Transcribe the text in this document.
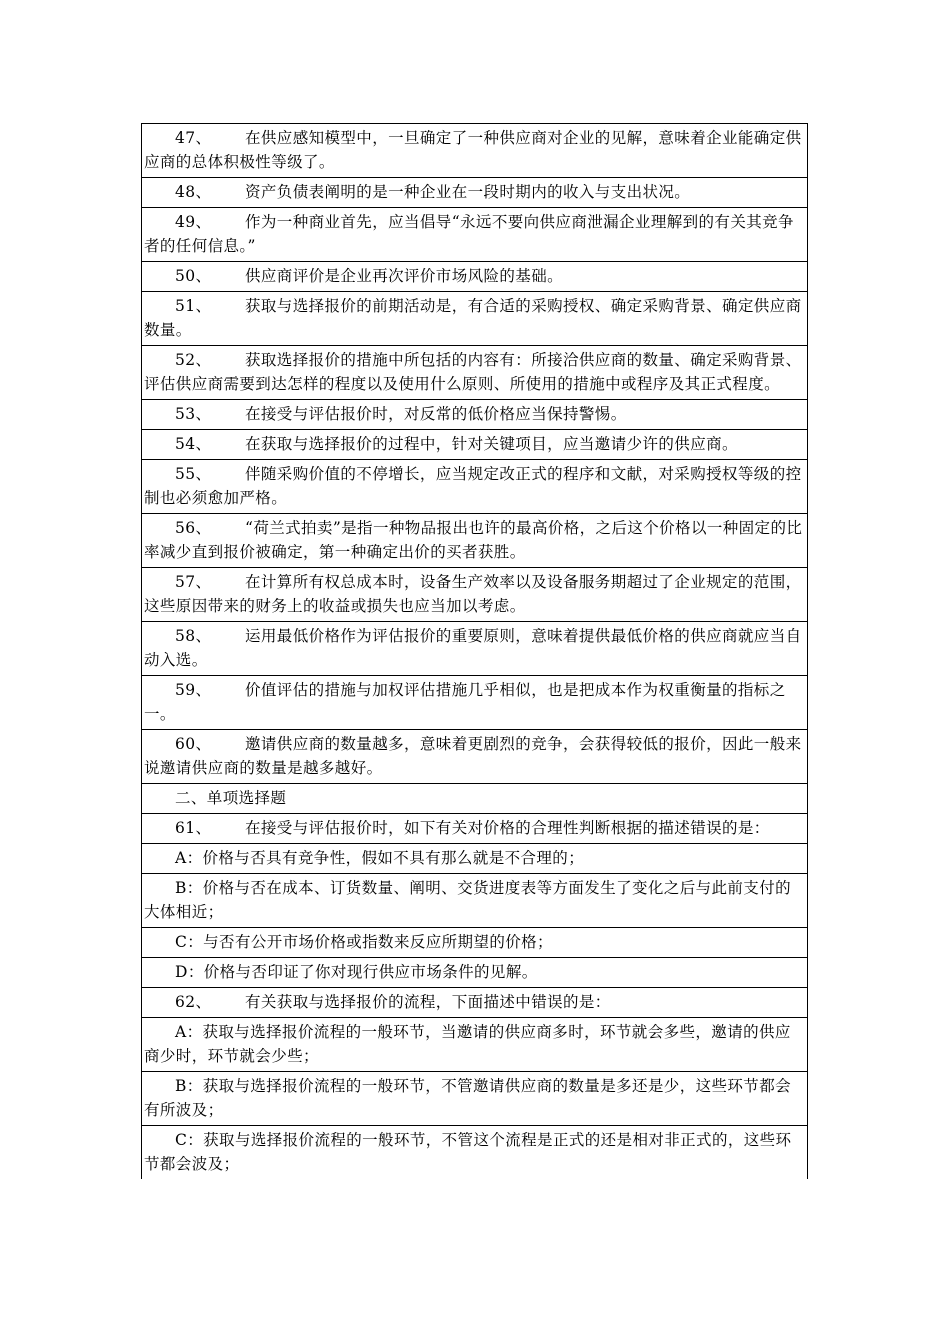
47、 在供应感知模型中，一旦确定了一种供应商对企业的见解，意味着企业能确定供应商的总体积极性等级了。
48、 资产负债表阐明的是一种企业在一段时期内的收入与支出状况。
49、 作为一种商业首先，应当倡导“永远不要向供应商泄漏企业理解到的有关其竞争者的任何信息。”
50、 供应商评价是企业再次评价市场风险的基础。
51、 获取与选择报价的前期活动是，有合适的采购授权、确定采购背景、确定供应商数量。
52、 获取选择报价的措施中所包括的内容有：所接洽供应商的数量、确定采购背景、评估供应商需要到达怎样的程度以及使用什么原则、所使用的措施中或程序及其正式程度。
53、 在接受与评估报价时，对反常的低价格应当保持警惕。
54、 在获取与选择报价的过程中，针对关键项目，应当邀请少许的供应商。
55、 伴随采购价值的不停增长，应当规定改正式的程序和文献，对采购授权等级的控制也必须愈加严格。
56、 “荷兰式拍卖”是指一种物品报出也许的最高价格，之后这个价格以一种固定的比率减少直到报价被确定，第一种确定出价的买者获胜。
57、 在计算所有权总成本时，设备生产效率以及设备服务期超过了企业规定的范围，这些原因带来的财务上的收益或损失也应当加以考虑。
58、 运用最低价格作为评估报价的重要原则，意味着提供最低价格的供应商就应当自动入选。
59、 价值评估的措施与加权评估措施几乎相似，也是把成本作为权重衡量的指标之一。
60、 邀请供应商的数量越多，意味着更剧烈的竞争，会获得较低的报价，因此一般来说邀请供应商的数量是越多越好。
二、单项选择题
61、 在接受与评估报价时，如下有关对价格的合理性判断根据的描述错误的是：
A：价格与否具有竞争性，假如不具有那么就是不合理的；
B：价格与否在成本、订货数量、阐明、交货进度表等方面发生了变化之后与此前支付的大体相近；
C：与否有公开市场价格或指数来反应所期望的价格；
D：价格与否印证了你对现行供应市场条件的见解。
62、 有关获取与选择报价的流程，下面描述中错误的是：
A：获取与选择报价流程的一般环节，当邀请的供应商多时，环节就会多些，邀请的供应商少时，环节就会少些；
B：获取与选择报价流程的一般环节，不管邀请供应商的数量是多还是少，这些环节都会有所波及；
C：获取与选择报价流程的一般环节，不管这个流程是正式的还是相对非正式的，这些环节都会波及；
